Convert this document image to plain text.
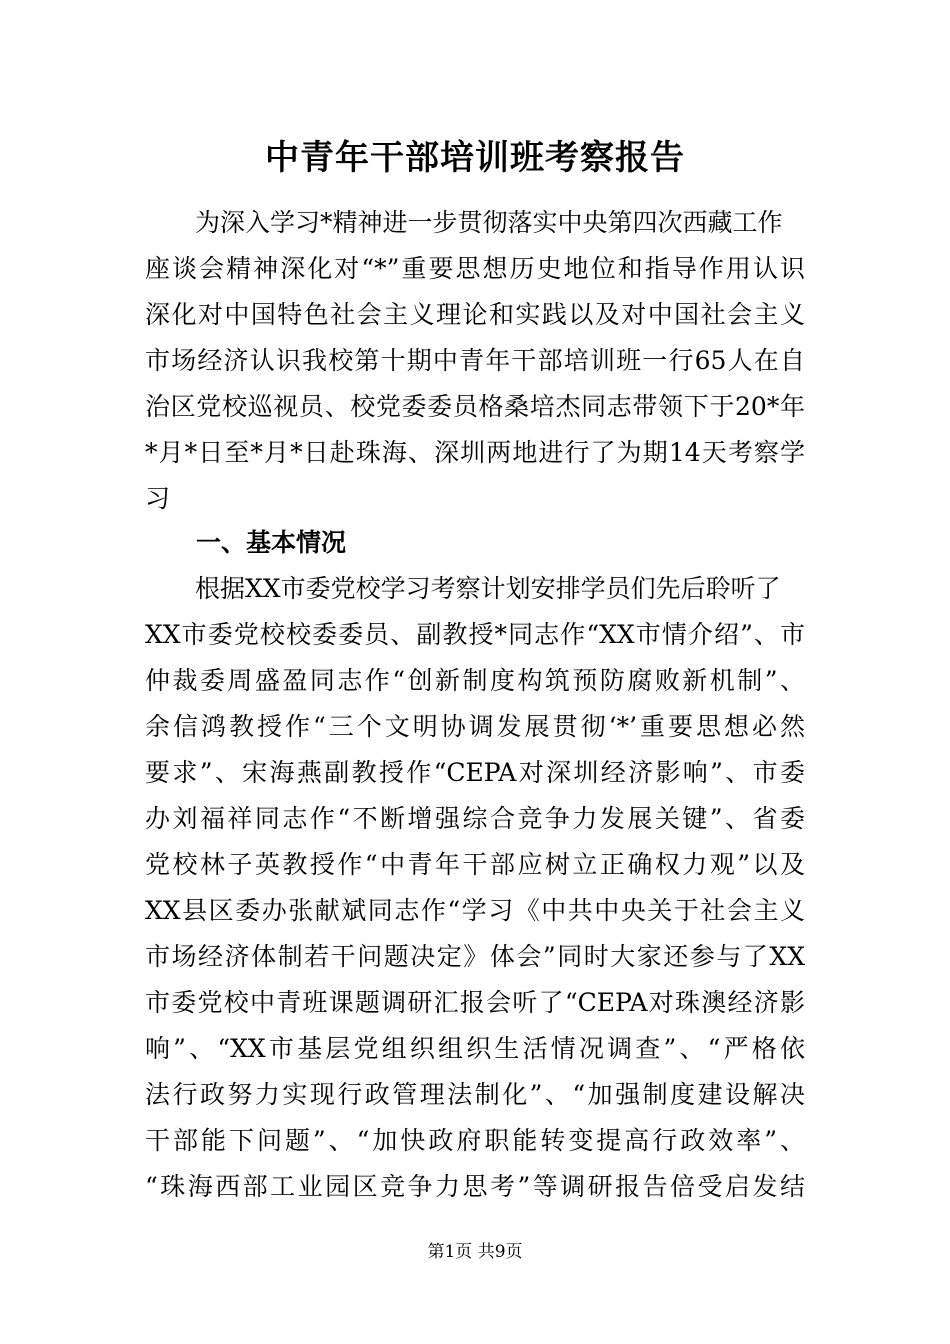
中青年干部培训班考察报告
为深入学习*精神进一步贯彻落实中央第四次西藏工作
座谈会精神深化对“*”重要思想历史地位和指导作用认识
深化对中国特色社会主义理论和实践以及对中国社会主义
市场经济认识我校第十期中青年干部培训班一行65人在自
治区党校巡视员、校党委委员格桑培杰同志带领下于20*年
*月*日至*月*日赴珠海、深圳两地进行了为期14天考察学
习
一、基本情况
根据XX市委党校学习考察计划安排学员们先后聆听了
XX市委党校校委委员、副教授*同志作“XX市情介绍”、市
仲裁委周盛盈同志作“创新制度构筑预防腐败新机制”、
余信鸿教授作“三个文明协调发展贯彻‘*’重要思想必然
要求”、宋海燕副教授作“CEPA对深圳经济影响”、市委
办刘福祥同志作“不断增强综合竞争力发展关键”、省委
党校林子英教授作“中青年干部应树立正确权力观”以及
XX县区委办张献斌同志作“学习《中共中央关于社会主义
市场经济体制若干问题决定》体会”同时大家还参与了XX
市委党校中青班课题调研汇报会听了“CEPA对珠澳经济影
响”、“XX市基层党组织组织生活情况调查”、“严格依
法行政努力实现行政管理法制化”、“加强制度建设解决
干部能下问题”、“加快政府职能转变提高行政效率”、
“珠海西部工业园区竞争力思考”等调研报告倍受启发结
第1页 共9页
